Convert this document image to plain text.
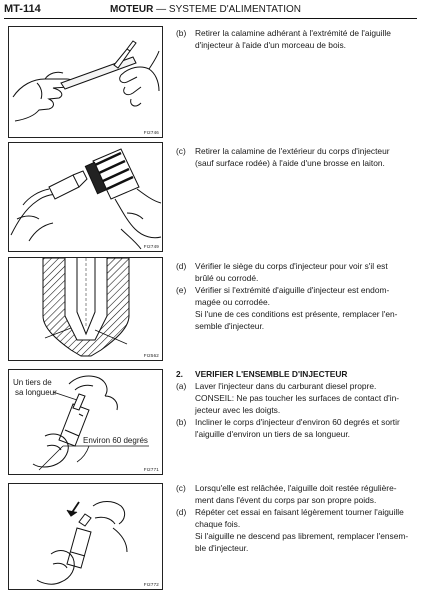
MT-114	MOTEUR — SYSTEME D'ALIMENTATION
FI2746
FI2749
FI2562
Un tiers de
sa longueur
Environ 60 degrés
FI2771
FI2772
(b) Retirer la calamine adhérant à l'extrémité de l'aiguille
d'injecteur à l'aide d'un morceau de bois.
(c) Retirer la calamine de l'extérieur du corps d'injecteur
(sauf surface rodée) à l'aide d'une brosse en laiton.
(d) Vérifier le siège du corps d'injecteur pour voir s'il est
brûlé ou corrodé.
(e) Vérifier si l'extrémité d'aiguille d'injecteur est endom-
magée ou corrodée.
Si l'une de ces conditions est présente, remplacer l'en-
semble d'injecteur.
2. VERIFIER L'ENSEMBLE D'INJECTEUR
(a) Laver l'injecteur dans du carburant diesel propre.
CONSEIL: Ne pas toucher les surfaces de contact d'in-
jecteur avec les doigts.
(b) Incliner le corps d'injecteur d'environ 60 degrés et sortir
l'aiguille d'environ un tiers de sa longueur.
(c) Lorsqu'elle est relâchée, l'aiguille doit restée régulière-
ment dans l'évent du corps par son propre poids.
(d) Répéter cet essai en faisant légèrement tourner l'aiguille
chaque fois.
Si l'aiguille ne descend pas librement, remplacer l'ensem-
ble d'injecteur.
